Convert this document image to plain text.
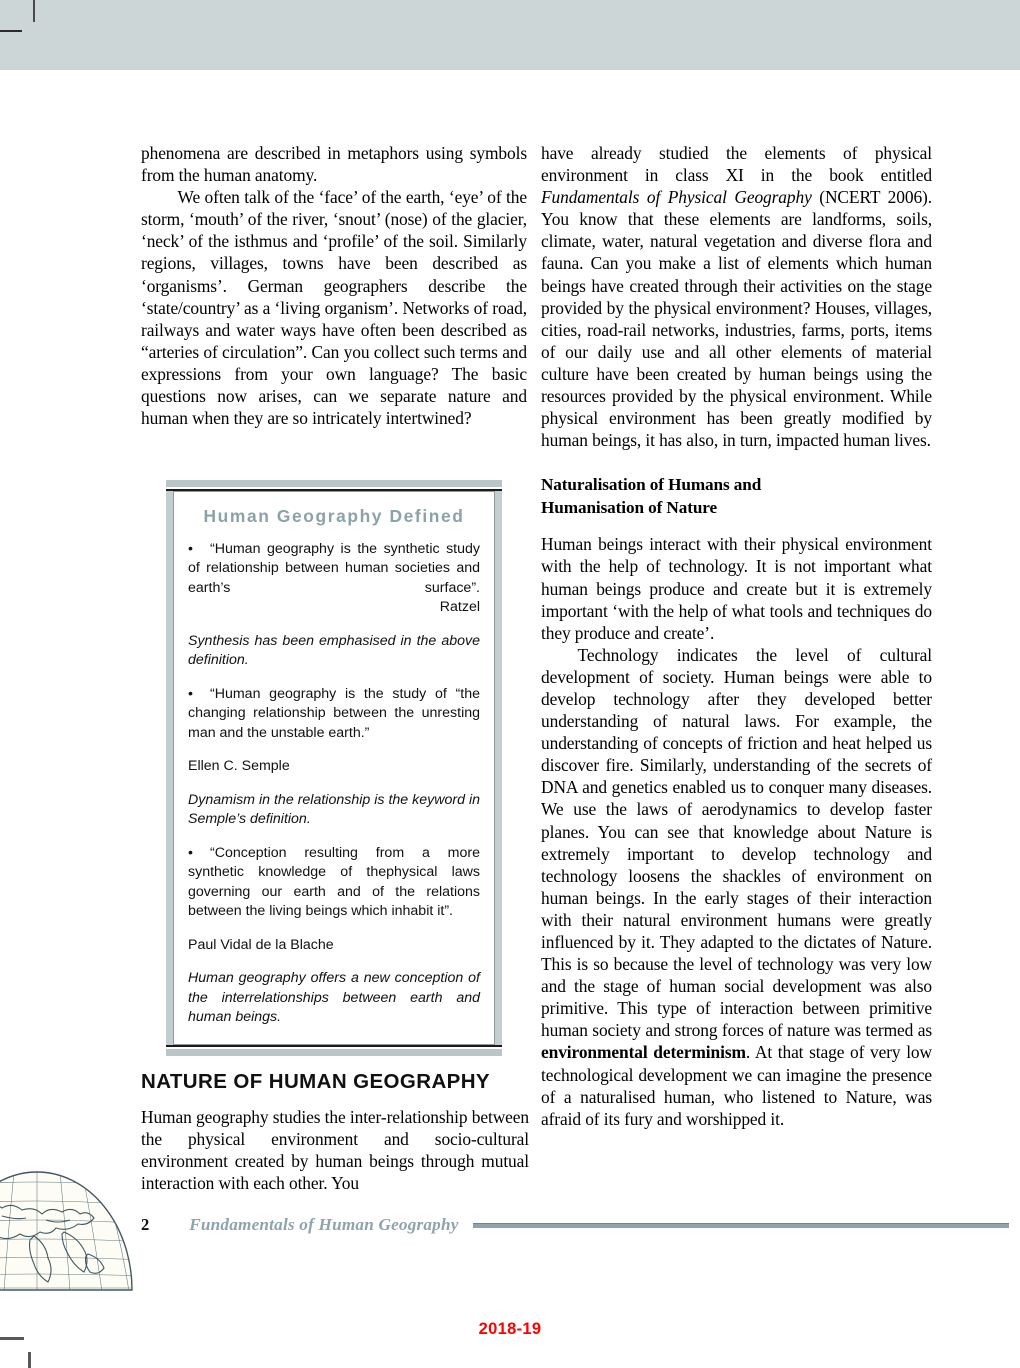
phenomena are described in metaphors using symbols from the human anatomy.

We often talk of the ‘face’ of the earth, ‘eye’ of the storm, ‘mouth’ of the river, ‘snout’ (nose) of the glacier, ‘neck’ of the isthmus and ‘profile’ of the soil. Similarly regions, villages, towns have been described as ‘organisms’. German geographers describe the ‘state/country’ as a ‘living organism’. Networks of road, railways and water ways have often been described as “arteries of circulation”. Can you collect such terms and expressions from your own language? The basic questions now arises, can we separate nature and human when they are so intricately intertwined?

Human Geography Defined

• “Human geography is the synthetic study of relationship between human societies and earth’s surface”.Ratzel

Synthesis has been emphasised in the above definition.

• “Human geography is the study of “the changing relationship between the unresting man and the unstable earth.”

Ellen C. Semple

Dynamism in the relationship is the keyword in Semple’s definition.

• “Conception resulting from a more synthetic knowledge of thephysical laws governing our earth and of the relations between the living beings which inhabit it”.

Paul Vidal de la Blache

Human geography offers a new conception of the interrelationships between earth and human beings.

NATURE OF HUMAN GEOGRAPHY
Human geography studies the inter-relationship between the physical environment and socio-cultural environment created by human beings through mutual interaction with each other. You

have already studied the elements of physical environment in class XI in the book entitled Fundamentals of Physical Geography (NCERT 2006). You know that these elements are landforms, soils, climate, water, natural vegetation and diverse flora and fauna. Can you make a list of elements which human beings have created through their activities on the stage provided by the physical environment? Houses, villages, cities, road-rail networks, industries, farms, ports, items of our daily use and all other elements of material culture have been created by human beings using the resources provided by the physical environment. While physical environment has been greatly modified by human beings, it has also, in turn, impacted human lives.

Naturalisation of Humans and
Humanisation of Nature

Human beings interact with their physical environment with the help of technology. It is not important what human beings produce and create but it is extremely important ‘with the help of what tools and techniques do they produce and create’.

Technology indicates the level of cultural development of society. Human beings were able to develop technology after they developed better understanding of natural laws. For example, the understanding of concepts of friction and heat helped us discover fire. Similarly, understanding of the secrets of DNA and genetics enabled us to conquer many diseases. We use the laws of aerodynamics to develop faster planes. You can see that knowledge about Nature is extremely important to develop technology and technology loosens the shackles of environment on human beings. In the early stages of their interaction with their natural environment humans were greatly influenced by it. They adapted to the dictates of Nature. This is so because the level of technology was very low and the stage of human social development was also primitive. This type of interaction between primitive human society and strong forces of nature was termed as environmental determinism. At that stage of very low technological development we can imagine the presence of a naturalised human, who listened to Nature, was afraid of its fury and worshipped it.

2 Fundamentals of Human Geography
2018-19
